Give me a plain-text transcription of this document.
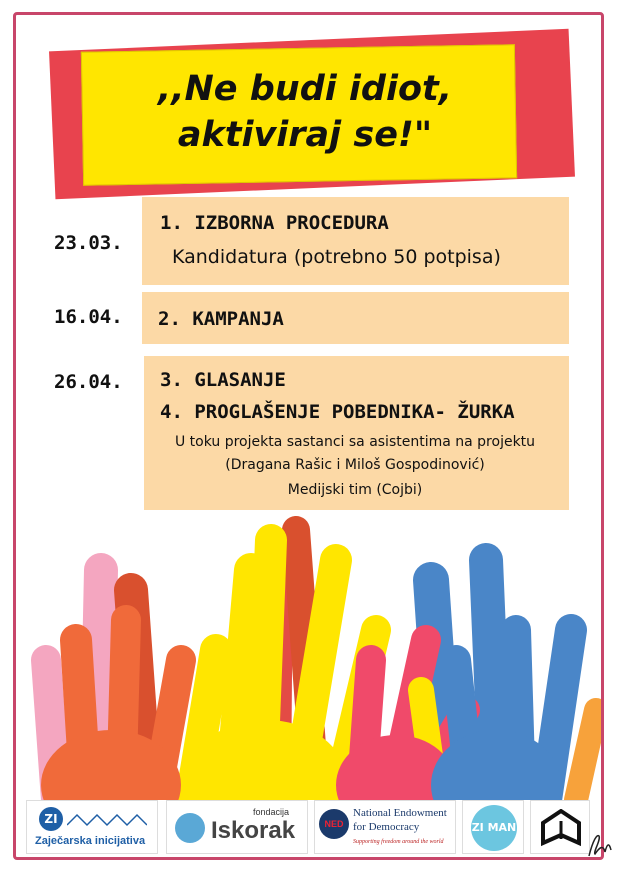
,,Ne budi idiot,
aktiviraj se!"
23.03.
1. IZBORNA PROCEDURA
Kandidatura (potrebno 50 potpisa)
16.04. 2. KAMPANJA
26.04. 3. GLASANJE
4. PROGLAŠENJE POBEDNIKA- ŽURKA
U toku projekta sastanci sa asistentima na projektu
(Dragana Rašic i Miloš Gospodinović)
Medijski tim (Cojbi)
ZI
Zaječarska inicijativa
fondacija
Iskorak	NED
National Endowment
for Democracy
Supporting freedom around the world
ZI MAN
